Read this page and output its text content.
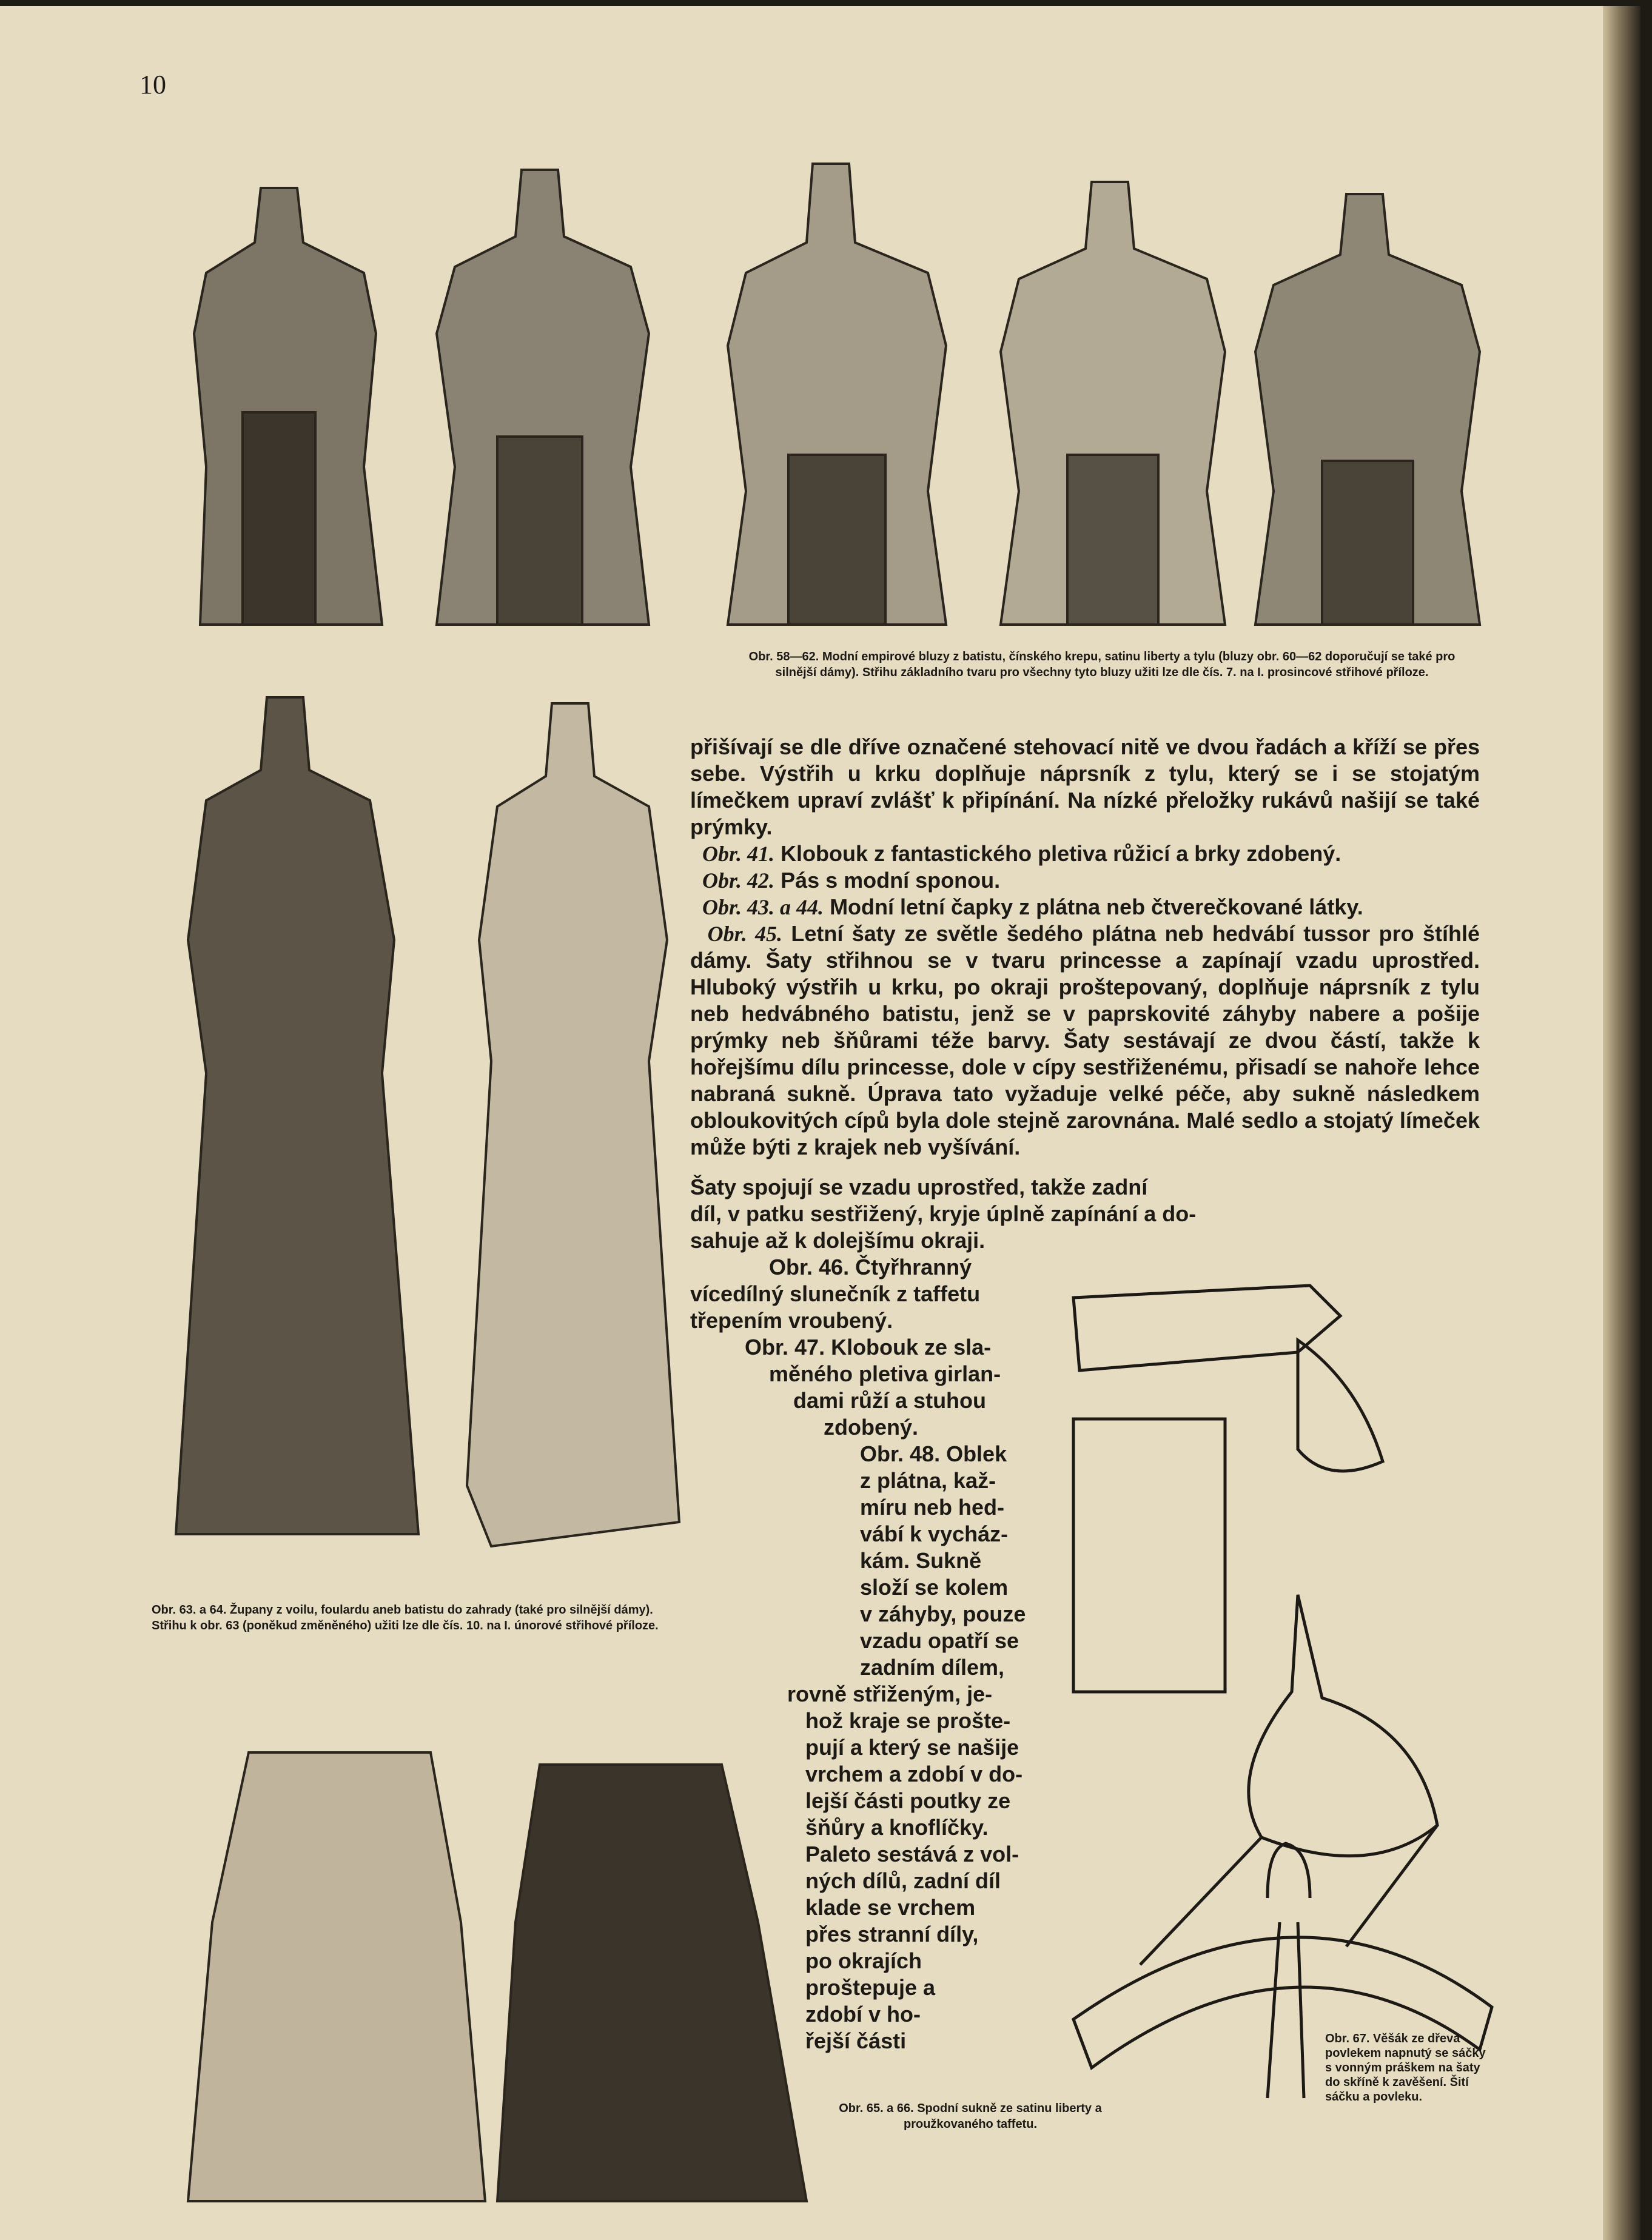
10

Obr. 58—62. Modní empirové bluzy z batistu, čínského krepu, satinu liberty a tylu (bluzy obr. 60—62 doporučují se také pro silnější dámy). Střihu základního tvaru pro všechny tyto bluzy užiti lze dle čís. 7. na I. prosincové střihové příloze.

Obr. 63. a 64. Župany z voilu, foulardu aneb batistu do zahrady (také pro silnější dámy). Střihu k obr. 63 (poněkud změněného) užiti lze dle čís. 10. na I. únorové střihové příloze.

Obr. 65. a 66. Spodní sukně ze satinu liberty a proužkovaného taffetu.

Obr. 67. Věšák ze dřeva povlekem napnutý se sáčky s vonným práškem na šaty do skříně k zavěšení. Šití sáčku a povleku.

přišívají se dle dříve označené stehovací nitě ve dvou řadách a kříží se přes sebe. Výstřih u krku doplňuje náprsník z tylu, který se i se stojatým límečkem upraví zvlášť k připínání. Na nízké přeložky rukávů našijí se také prýmky.

Obr. 41. Klobouk z fantastického pletiva růžicí a brky zdobený.

Obr. 42. Pás s modní sponou.

Obr. 43. a 44. Modní letní čapky z plátna neb čtverečkované látky.

Obr. 45. Letní šaty ze světle šedého plátna neb hedvábí tussor pro štíhlé dámy. Šaty střihnou se v tvaru princesse a zapínají vzadu uprostřed. Hluboký výstřih u krku, po okraji proštepovaný, doplňuje náprsník z tylu neb hedvábného batistu, jenž se v paprskovité záhyby nabere a pošije prýmky neb šňůrami téže barvy. Šaty sestávají ze dvou částí, takže k hořejšímu dílu princesse, dole v cípy sestřiženému, přisadí se nahoře lehce nabraná sukně. Úprava tato vyžaduje velké péče, aby sukně následkem obloukovitých cípů byla dole stejně zarovnána. Malé sedlo a stojatý límeček může býti z krajek neb vyšívání.

Šaty spojují se vzadu uprostřed, takže zadní
díl, v patku sestřižený, kryje úplně zapínání a do-
sahuje až k dolejšímu okraji.
Obr. 46. Čtyřhranný
vícedílný slunečník z taffetu
třepením vroubený.
Obr. 47. Klobouk ze sla-
měného pletiva girlan-
dami růží a stuhou
zdobený.
Obr. 48. Oblek
z plátna, kaž-
míru neb hed-
vábí k vycház-
kám. Sukně
složí se kolem
v záhyby, pouze
vzadu opatří se
zadním dílem,
rovně střiženým, je-
hož kraje se prošte-
pují a který se našije
vrchem a zdobí v do-
lejší části poutky ze
šňůry a knoflíčky.
Paleto sestává z vol-
ných dílů, zadní díl
klade se vrchem
přes stranní díly,
po okrajích
proštepuje a
zdobí v ho-
řejší části
